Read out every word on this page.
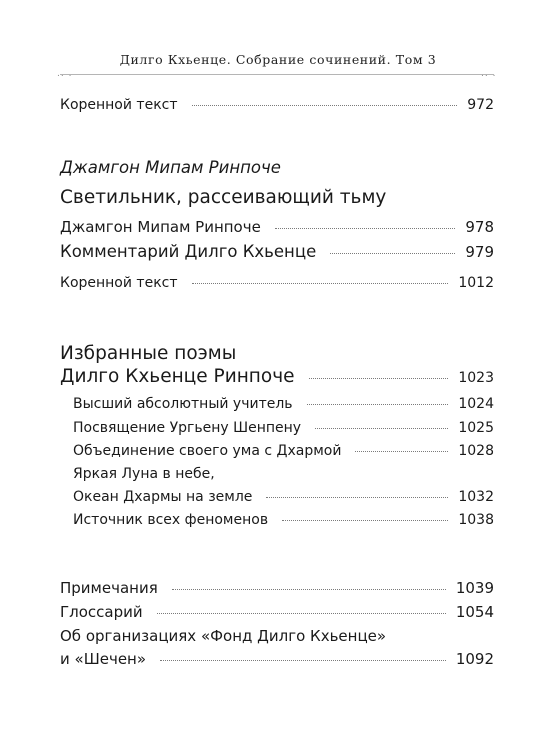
Дилго Кхьенце. Собрание сочинений. Том 3
.. .	.. .
Коренной текст	972
Джамгон Мипам Ринпоче
Светильник, рассеивающий тьму
Джамгон Мипам Ринпоче	978
Комментарий Дилго Кхьенце	979
Коренной текст	1012
Избранные поэмы
Дилго Кхьенце Ринпоче	1023
Высший абсолютный учитель	1024
Посвящение Ургьену Шенпену	1025
Объединение своего ума с Дхармой	1028
Яркая Луна в небе,
Океан Дхармы на земле	1032
Источник всех феноменов	1038
Примечания	1039
Глоссарий	1054
Об организациях «Фонд Дилго Кхьенце»
и «Шечен»	1092
